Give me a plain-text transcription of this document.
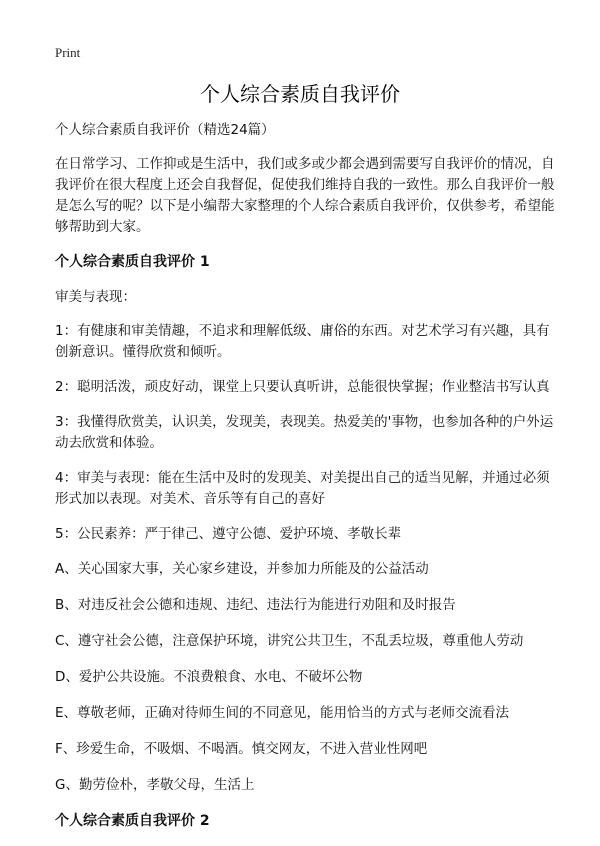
Print
个人综合素质自我评价

个人综合素质自我评价（精选24篇）

在日常学习、工作抑或是生活中，我们或多或少都会遇到需要写自我评价的情况，自我评价在很大程度上还会自我督促，促使我们维持自我的一致性。那么自我评价一般是怎么写的呢？以下是小编帮大家整理的个人综合素质自我评价，仅供参考，希望能够帮助到大家。

个人综合素质自我评价 1

审美与表现：

1：有健康和审美情趣，不追求和理解低级、庸俗的东西。对艺术学习有兴趣，具有创新意识。懂得欣赏和倾听。

2：聪明活泼，顽皮好动，课堂上只要认真听讲，总能很快掌握；作业整洁书写认真

3：我懂得欣赏美，认识美，发现美，表现美。热爱美的'事物，也参加各种的户外运动去欣赏和体验。

4：审美与表现：能在生活中及时的发现美、对美提出自己的适当见解，并通过必须形式加以表现。对美术、音乐等有自己的喜好

5：公民素养：严于律己、遵守公德、爱护环境、孝敬长辈

A、关心国家大事，关心家乡建设，并参加力所能及的公益活动

B、对违反社会公德和违规、违纪、违法行为能进行劝阻和及时报告

C、遵守社会公德，注意保护环境，讲究公共卫生，不乱丢垃圾，尊重他人劳动

D、爱护公共设施。不浪费粮食、水电、不破坏公物

E、尊敬老师，正确对待师生间的不同意见，能用恰当的方式与老师交流看法

F、珍爱生命，不吸烟、不喝酒。慎交网友，不进入营业性网吧

G、勤劳俭朴，孝敬父母，生活上

个人综合素质自我评价 2
